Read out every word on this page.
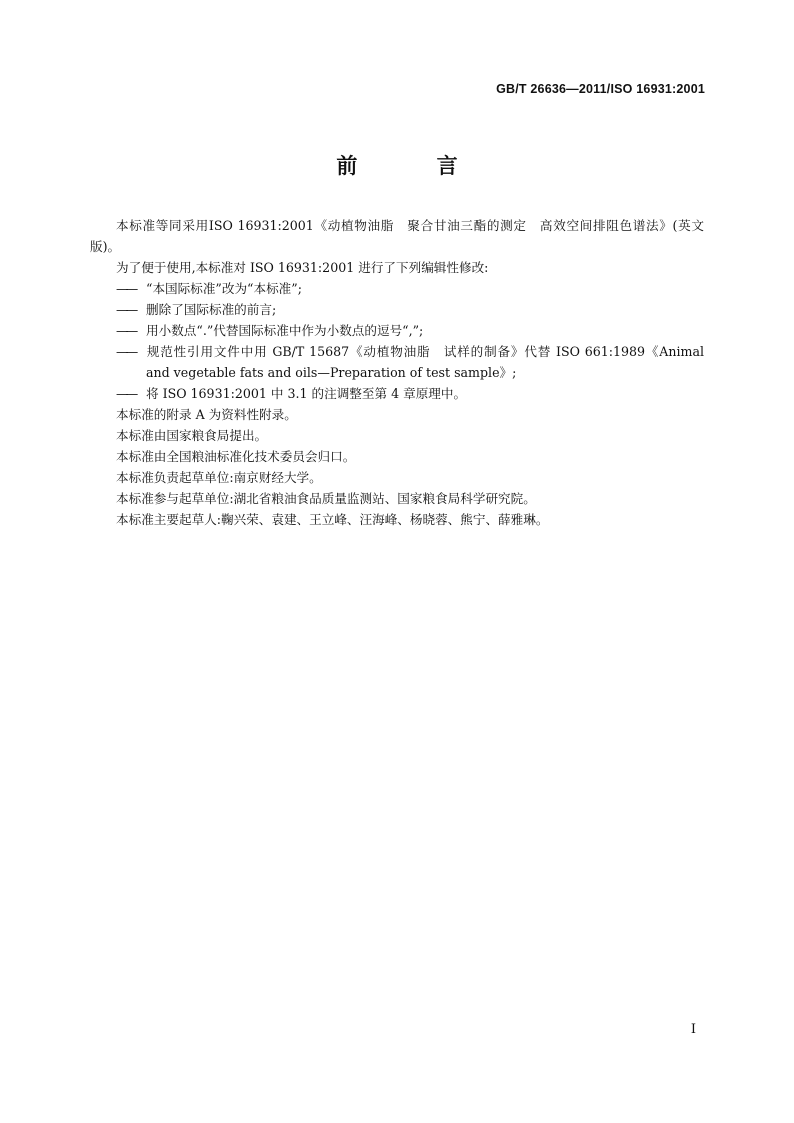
GB/T 26636—2011/ISO 16931:2001
前 言

本标准等同采用ISO 16931:2001《动植物油脂　聚合甘油三酯的测定　高效空间排阻色谱法》(英文版)。

为了便于使用,本标准对 ISO 16931:2001 进行了下列编辑性修改:

—— “本国际标准”改为“本标准”;

—— 删除了国际标准的前言;

—— 用小数点“.”代替国际标准中作为小数点的逗号“,”;

—— 规范性引用文件中用 GB/T 15687《动植物油脂　试样的制备》代替 ISO 661:1989《Animal and vegetable fats and oils—Preparation of test sample》;

—— 将 ISO 16931:2001 中 3.1 的注调整至第 4 章原理中。

本标准的附录 A 为资料性附录。

本标准由国家粮食局提出。

本标准由全国粮油标准化技术委员会归口。

本标准负责起草单位:南京财经大学。

本标准参与起草单位:湖北省粮油食品质量监测站、国家粮食局科学研究院。

本标准主要起草人:鞠兴荣、袁建、王立峰、汪海峰、杨晓蓉、熊宁、薛雅琳。

I
